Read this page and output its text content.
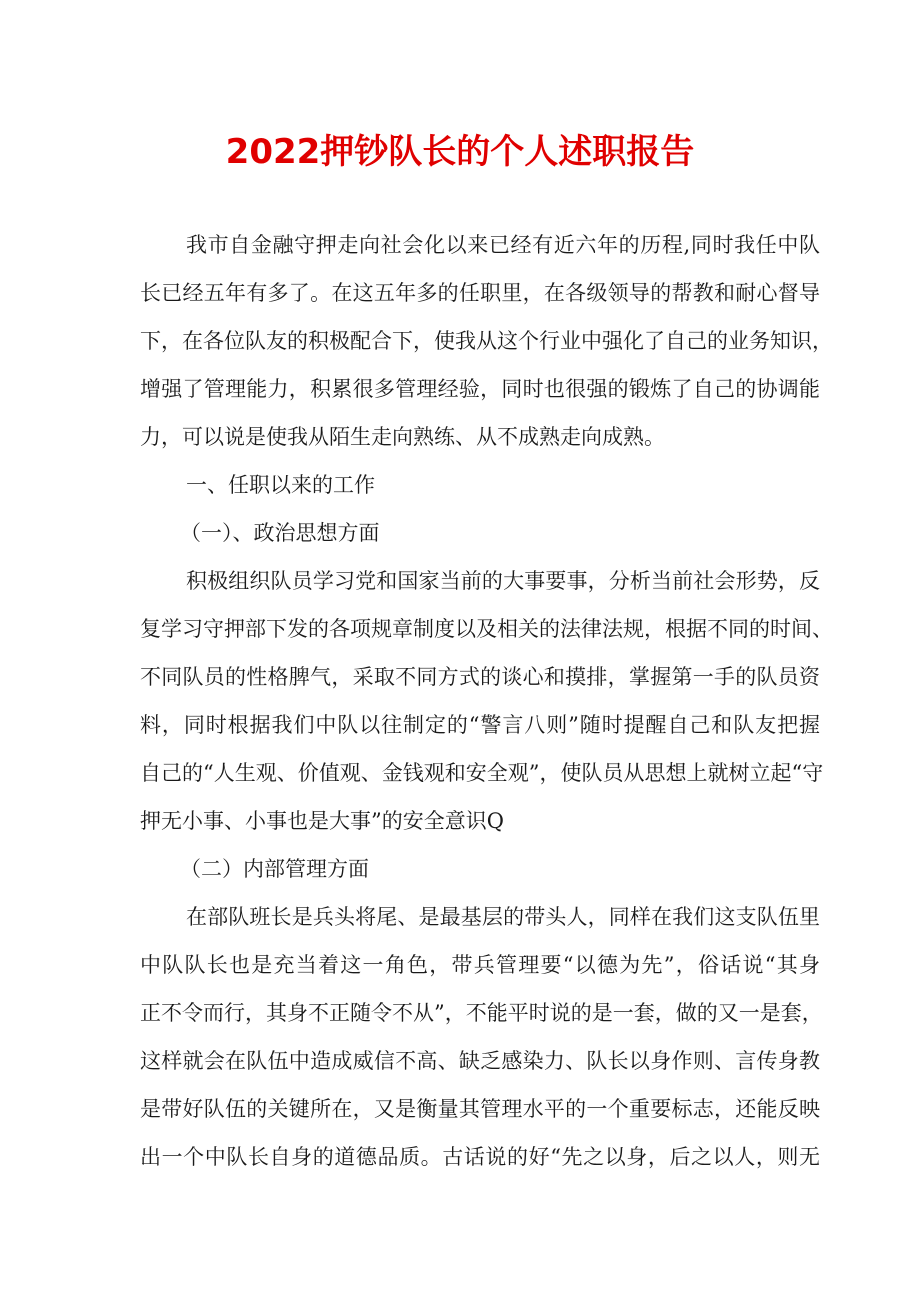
2022押钞队长的个人述职报告
我市自金融守押走向社会化以来已经有近六年的历程,同时我任中队
长已经五年有多了。在这五年多的任职里，在各级领导的帮教和耐心督导
下，在各位队友的积极配合下，使我从这个行业中强化了自己的业务知识，
增强了管理能力，积累很多管理经验，同时也很强的锻炼了自己的协调能
力，可以说是使我从陌生走向熟练、从不成熟走向成熟。
一、任职以来的工作
（一）、政治思想方面
积极组织队员学习党和国家当前的大事要事，分析当前社会形势，反
复学习守押部下发的各项规章制度以及相关的法律法规，根据不同的时间、
不同队员的性格脾气，采取不同方式的谈心和摸排，掌握第一手的队员资
料，同时根据我们中队以往制定的“警言八则”随时提醒自己和队友把握
自己的“人生观、价值观、金钱观和安全观”，使队员从思想上就树立起“守
押无小事、小事也是大事”的安全意识Q
（二）内部管理方面
在部队班长是兵头将尾、是最基层的带头人，同样在我们这支队伍里
中队队长也是充当着这一角色，带兵管理要“以德为先”，俗话说“其身
正不令而行，其身不正随令不从”，不能平时说的是一套，做的又一是套，
这样就会在队伍中造成威信不高、缺乏感染力、队长以身作则、言传身教
是带好队伍的关键所在，又是衡量其管理水平的一个重要标志，还能反映
出一个中队长自身的道德品质。古话说的好“先之以身，后之以人，则无
